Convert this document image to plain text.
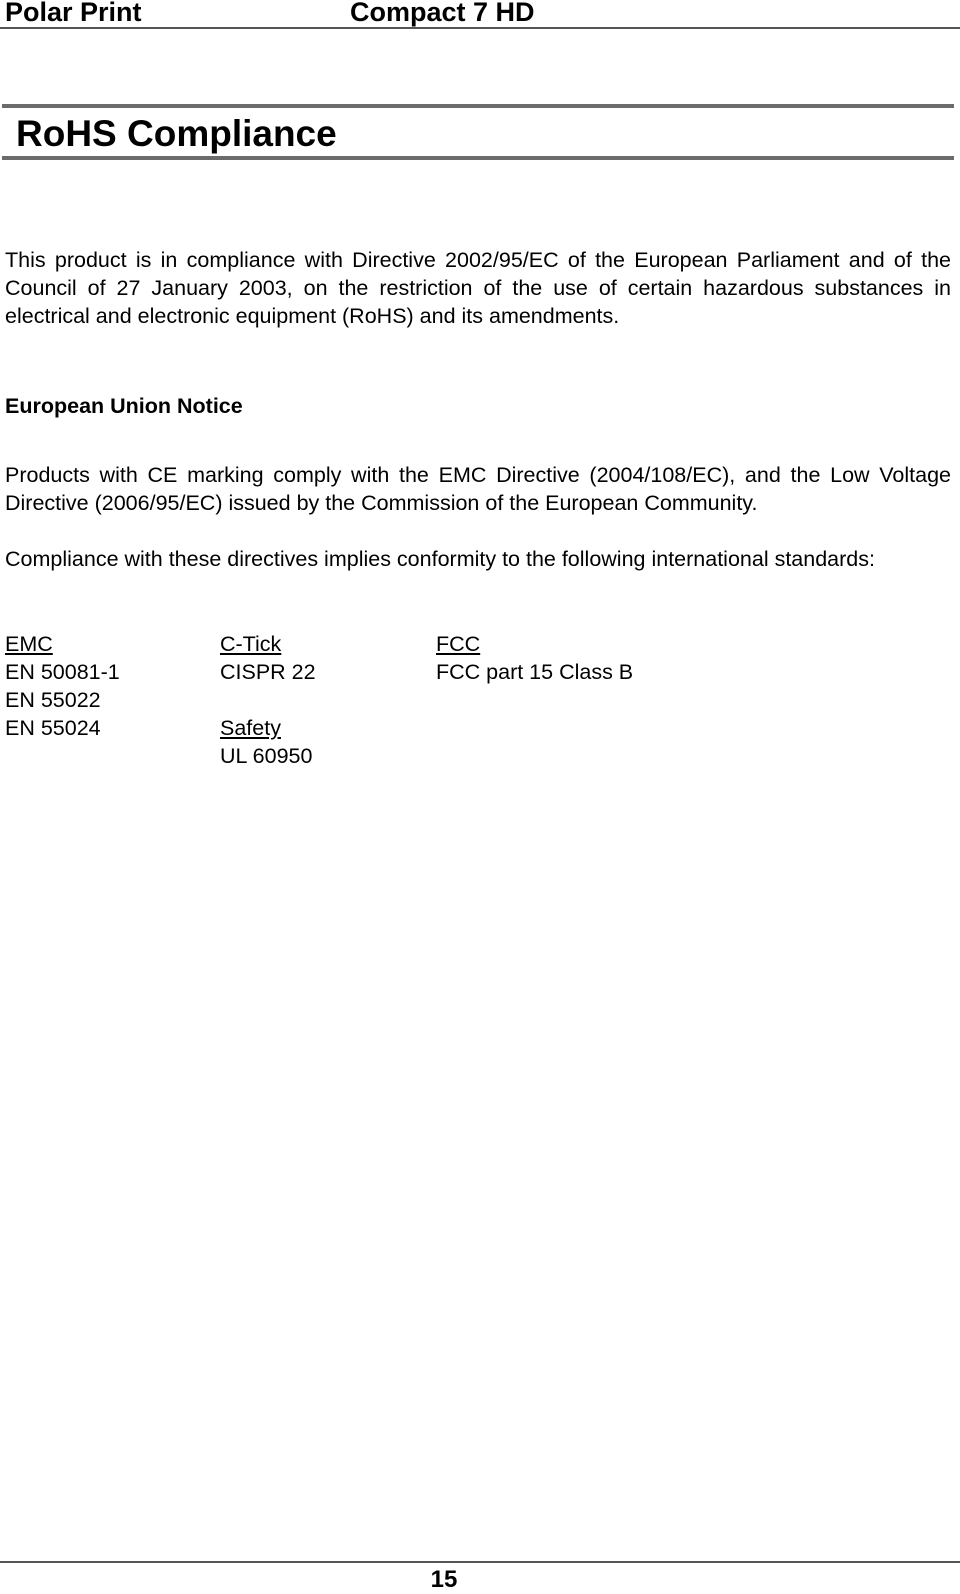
Polar Print	Compact 7 HD
RoHS Compliance

This product is in compliance with Directive 2002/95/EC of the European Parliament and of the Council of 27 January 2003, on the restriction of the use of certain hazardous substances in electrical and electronic equipment (RoHS) and its amendments.

European Union Notice

Products with CE marking comply with the EMC Directive (2004/108/EC), and the Low Voltage Directive (2006/95/EC) issued by the Commission of the European Community.

Compliance with these directives implies conformity to the following international standards:

EMC
EN 50081-1
EN 55022
EN 55024
C-Tick
CISPR 22
Safety
UL 60950
FCC
FCC part 15 Class B
15
